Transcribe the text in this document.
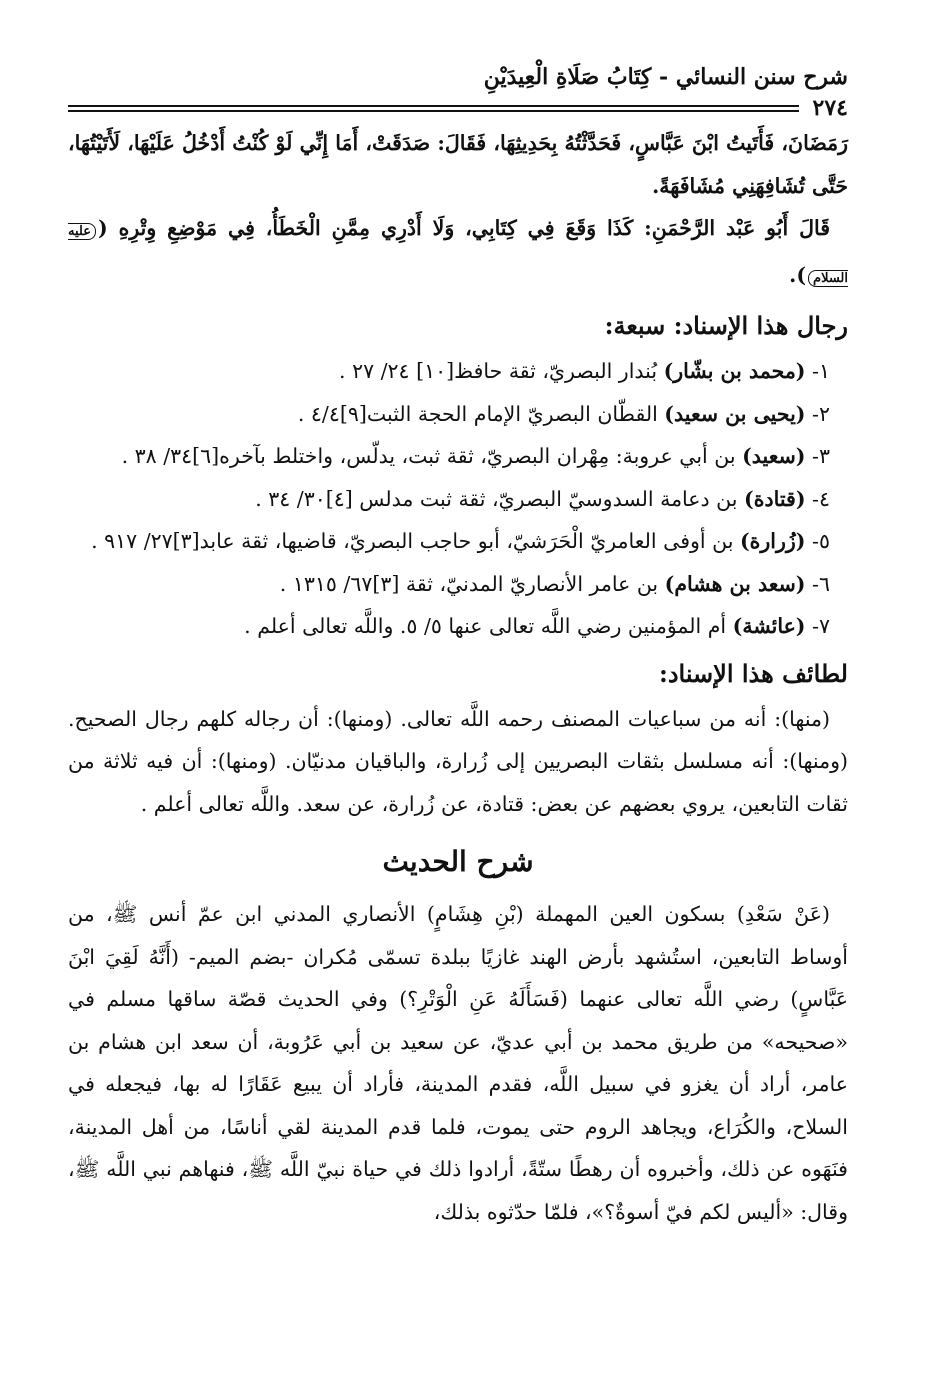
شرح سنن النسائي - كِتَابُ صَلَاةِ الْعِيدَيْنِ
٢٧٤

رَمَضَانَ، فَأَتَيتُ ابْنَ عَبَّاسٍ، فَحَدَّثْتُهُ بِحَدِيثِهَا، فَقَالَ: صَدَقَتْ، أَمَا إِنِّي لَوْ كُنْتُ أَدْخُلُ عَلَيْهَا، لَأَتَيْتُهَا، حَتَّى تُشَافِهَنِي مُشَافَهَةً.

قَالَ أَبُو عَبْد الرَّحْمَنِ: كَذَا وَقَعَ فِي كِتَابِي، وَلَا أَدْرِي مِمَّنِ الْخَطَأُ، فِي مَوْضِعِ وِتْرِهِ (عليه السلام).

رجال هذا الإسناد: سبعة:

١- (محمد بن بشّار) بُندار البصريّ، ثقة حافظ[١٠] ٢٤/ ٢٧ .

٢- (يحيى بن سعيد) القطّان البصريّ الإمام الحجة الثبت[٩]٤/٤ .

٣- (سعيد) بن أبي عروبة: مِهْران البصريّ، ثقة ثبت، يدلّس، واختلط بآخره[٦]٣٤/ ٣٨ .

٤- (قتادة) بن دعامة السدوسيّ البصريّ، ثقة ثبت مدلس [٤]٣٠/ ٣٤ .

٥- (زُرارة) بن أوفى العامريّ الْحَرَشيّ، أبو حاجب البصريّ، قاضيها، ثقة عابد[٣]٢٧/ ٩١٧ .

٦- (سعد بن هشام) بن عامر الأنصاريّ المدنيّ، ثقة [٣]٦٧/ ١٣١٥ .

٧- (عائشة) أم المؤمنين رضي اللَّه تعالى عنها ٥/ ٥. واللَّه تعالى أعلم .

لطائف هذا الإسناد:

(منها): أنه من سباعيات المصنف رحمه اللَّه تعالى. (ومنها): أن رجاله كلهم رجال الصحيح. (ومنها): أنه مسلسل بثقات البصريين إلى زُرارة، والباقيان مدنيّان. (ومنها): أن فيه ثلاثة من ثقات التابعين، يروي بعضهم عن بعض: قتادة، عن زُرارة، عن سعد. واللَّه تعالى أعلم .

شرح الحديث

(عَنْ سَعْدِ) بسكون العين المهملة (بْنِ هِشَامٍ) الأنصاري المدني ابن عمّ أنس ﷺ، من أوساط التابعين، استُشهد بأرض الهند غازيًا ببلدة تسمّى مُكران -بضم الميم- (أَنَّهُ لَقِيَ ابْنَ عَبَّاسٍ) رضي اللَّه تعالى عنهما (فَسَأَلَهُ عَنِ الْوَتْرِ؟) وفي الحديث قصّة ساقها مسلم في «صحيحه» من طريق محمد بن أبي عديّ، عن سعيد بن أبي عَرُوبة، أن سعد ابن هشام بن عامر، أراد أن يغزو في سبيل اللَّه، فقدم المدينة، فأراد أن يبيع عَقَارًا له بها، فيجعله في السلاح، والكُرَاع، ويجاهد الروم حتى يموت، فلما قدم المدينة لقي أناسًا، من أهل المدينة، فنَهَوه عن ذلك، وأخبروه أن رهطًا ستّةً، أرادوا ذلك في حياة نبيّ اللَّه ﷺ، فنهاهم نبي اللَّه ﷺ، وقال: «أليس لكم فيّ أسوةٌ؟»، فلمّا حدّثوه بذلك،
